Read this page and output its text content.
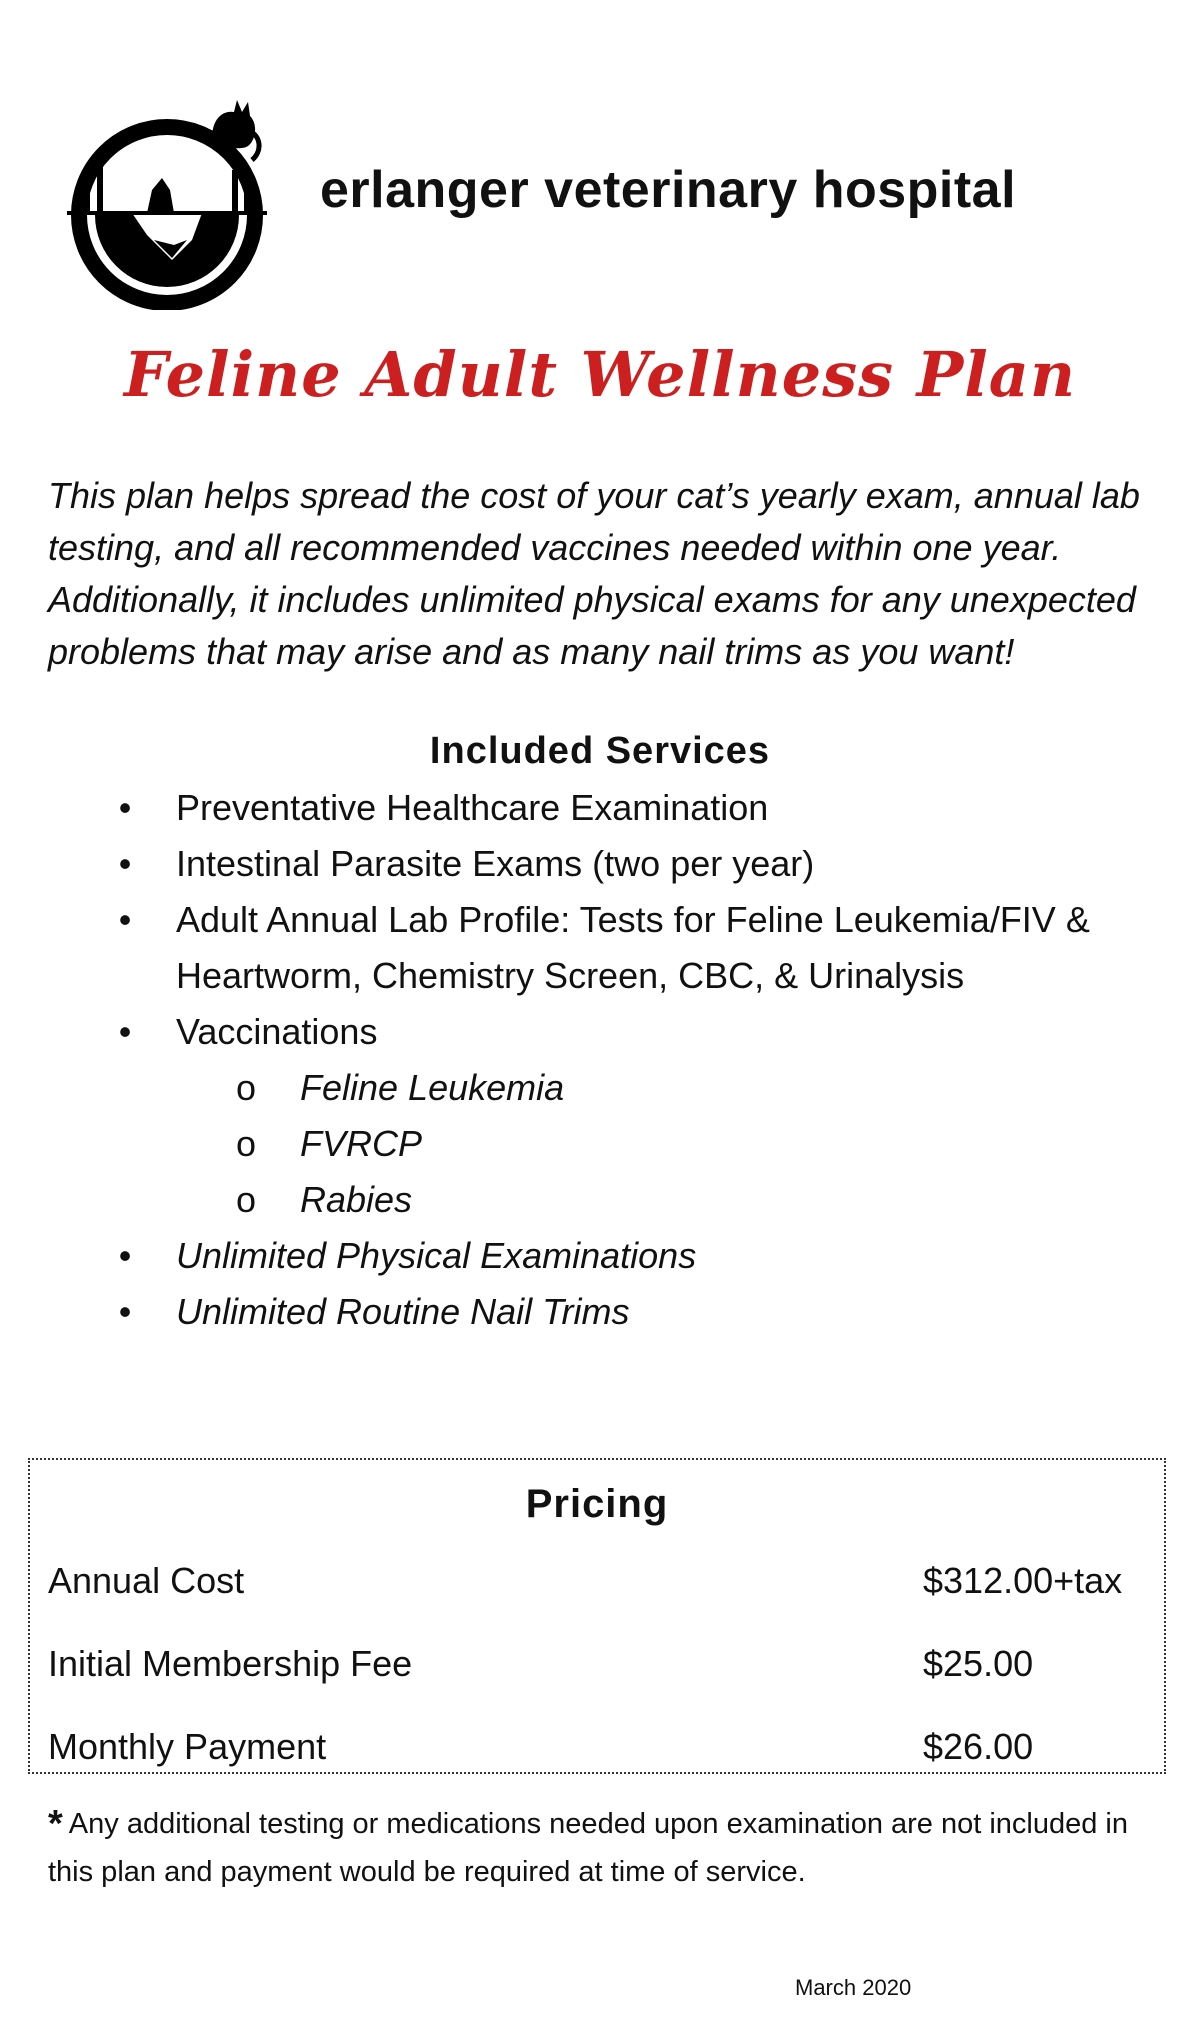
erlanger veterinary hospital
Feline Adult Wellness Plan
This plan helps spread the cost of your cat’s yearly exam, annual lab testing, and all recommended vaccines needed within one year. Additionally, it includes unlimited physical exams for any unexpected problems that may arise and as many nail trims as you want!
Included Services
• Preventative Healthcare Examination
• Intestinal Parasite Exams (two per year)
• Adult Annual Lab Profile: Tests for Feline Leukemia/FIV & Heartworm, Chemistry Screen, CBC, & Urinalysis
• Vaccinations
o Feline Leukemia
o FVRCP
o Rabies
• Unlimited Physical Examinations
• Unlimited Routine Nail Trims
Pricing
Annual Cost	$312.00+tax
Initial Membership Fee	$25.00
Monthly Payment	$26.00
* Any additional testing or medications needed upon examination are not included in this plan and payment would be required at time of service.
March 2020
